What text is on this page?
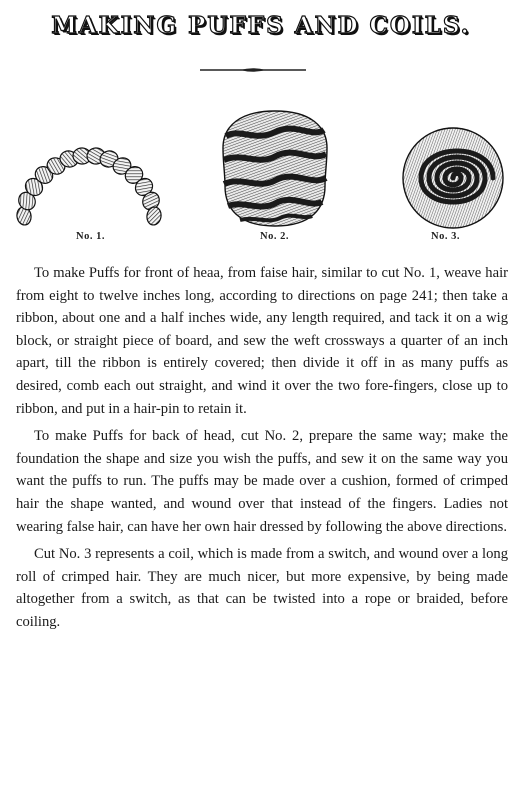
MAKING PUFFS AND COILS.
No. 1.	No. 2.	No. 3.

To make Puffs for front of heaa, from faise hair, similar to cut No. 1, weave hair from eight to twelve inches long, according to directions on page 241; then take a ribbon, about one and a half inches wide, any length required, and tack it on a wig block, or straight piece of board, and sew the weft crossways a quarter of an inch apart, till the ribbon is entirely covered; then divide it off in as many puffs as desired, comb each out straight, and wind it over the two fore-fingers, close up to ribbon, and put in a hair-pin to retain it.

To make Puffs for back of head, cut No. 2, prepare the same way; make the foundation the shape and size you wish the puffs, and sew it on the same way you want the puffs to run. The puffs may be made over a cushion, formed of crimped hair the shape wanted, and wound over that instead of the fingers. Ladies not wearing false hair, can have her own hair dressed by following the above directions.

Cut No. 3 represents a coil, which is made from a switch, and wound over a long roll of crimped hair. They are much nicer, but more expensive, by being made altogether from a switch, as that can be twisted into a rope or braided, before coiling.
